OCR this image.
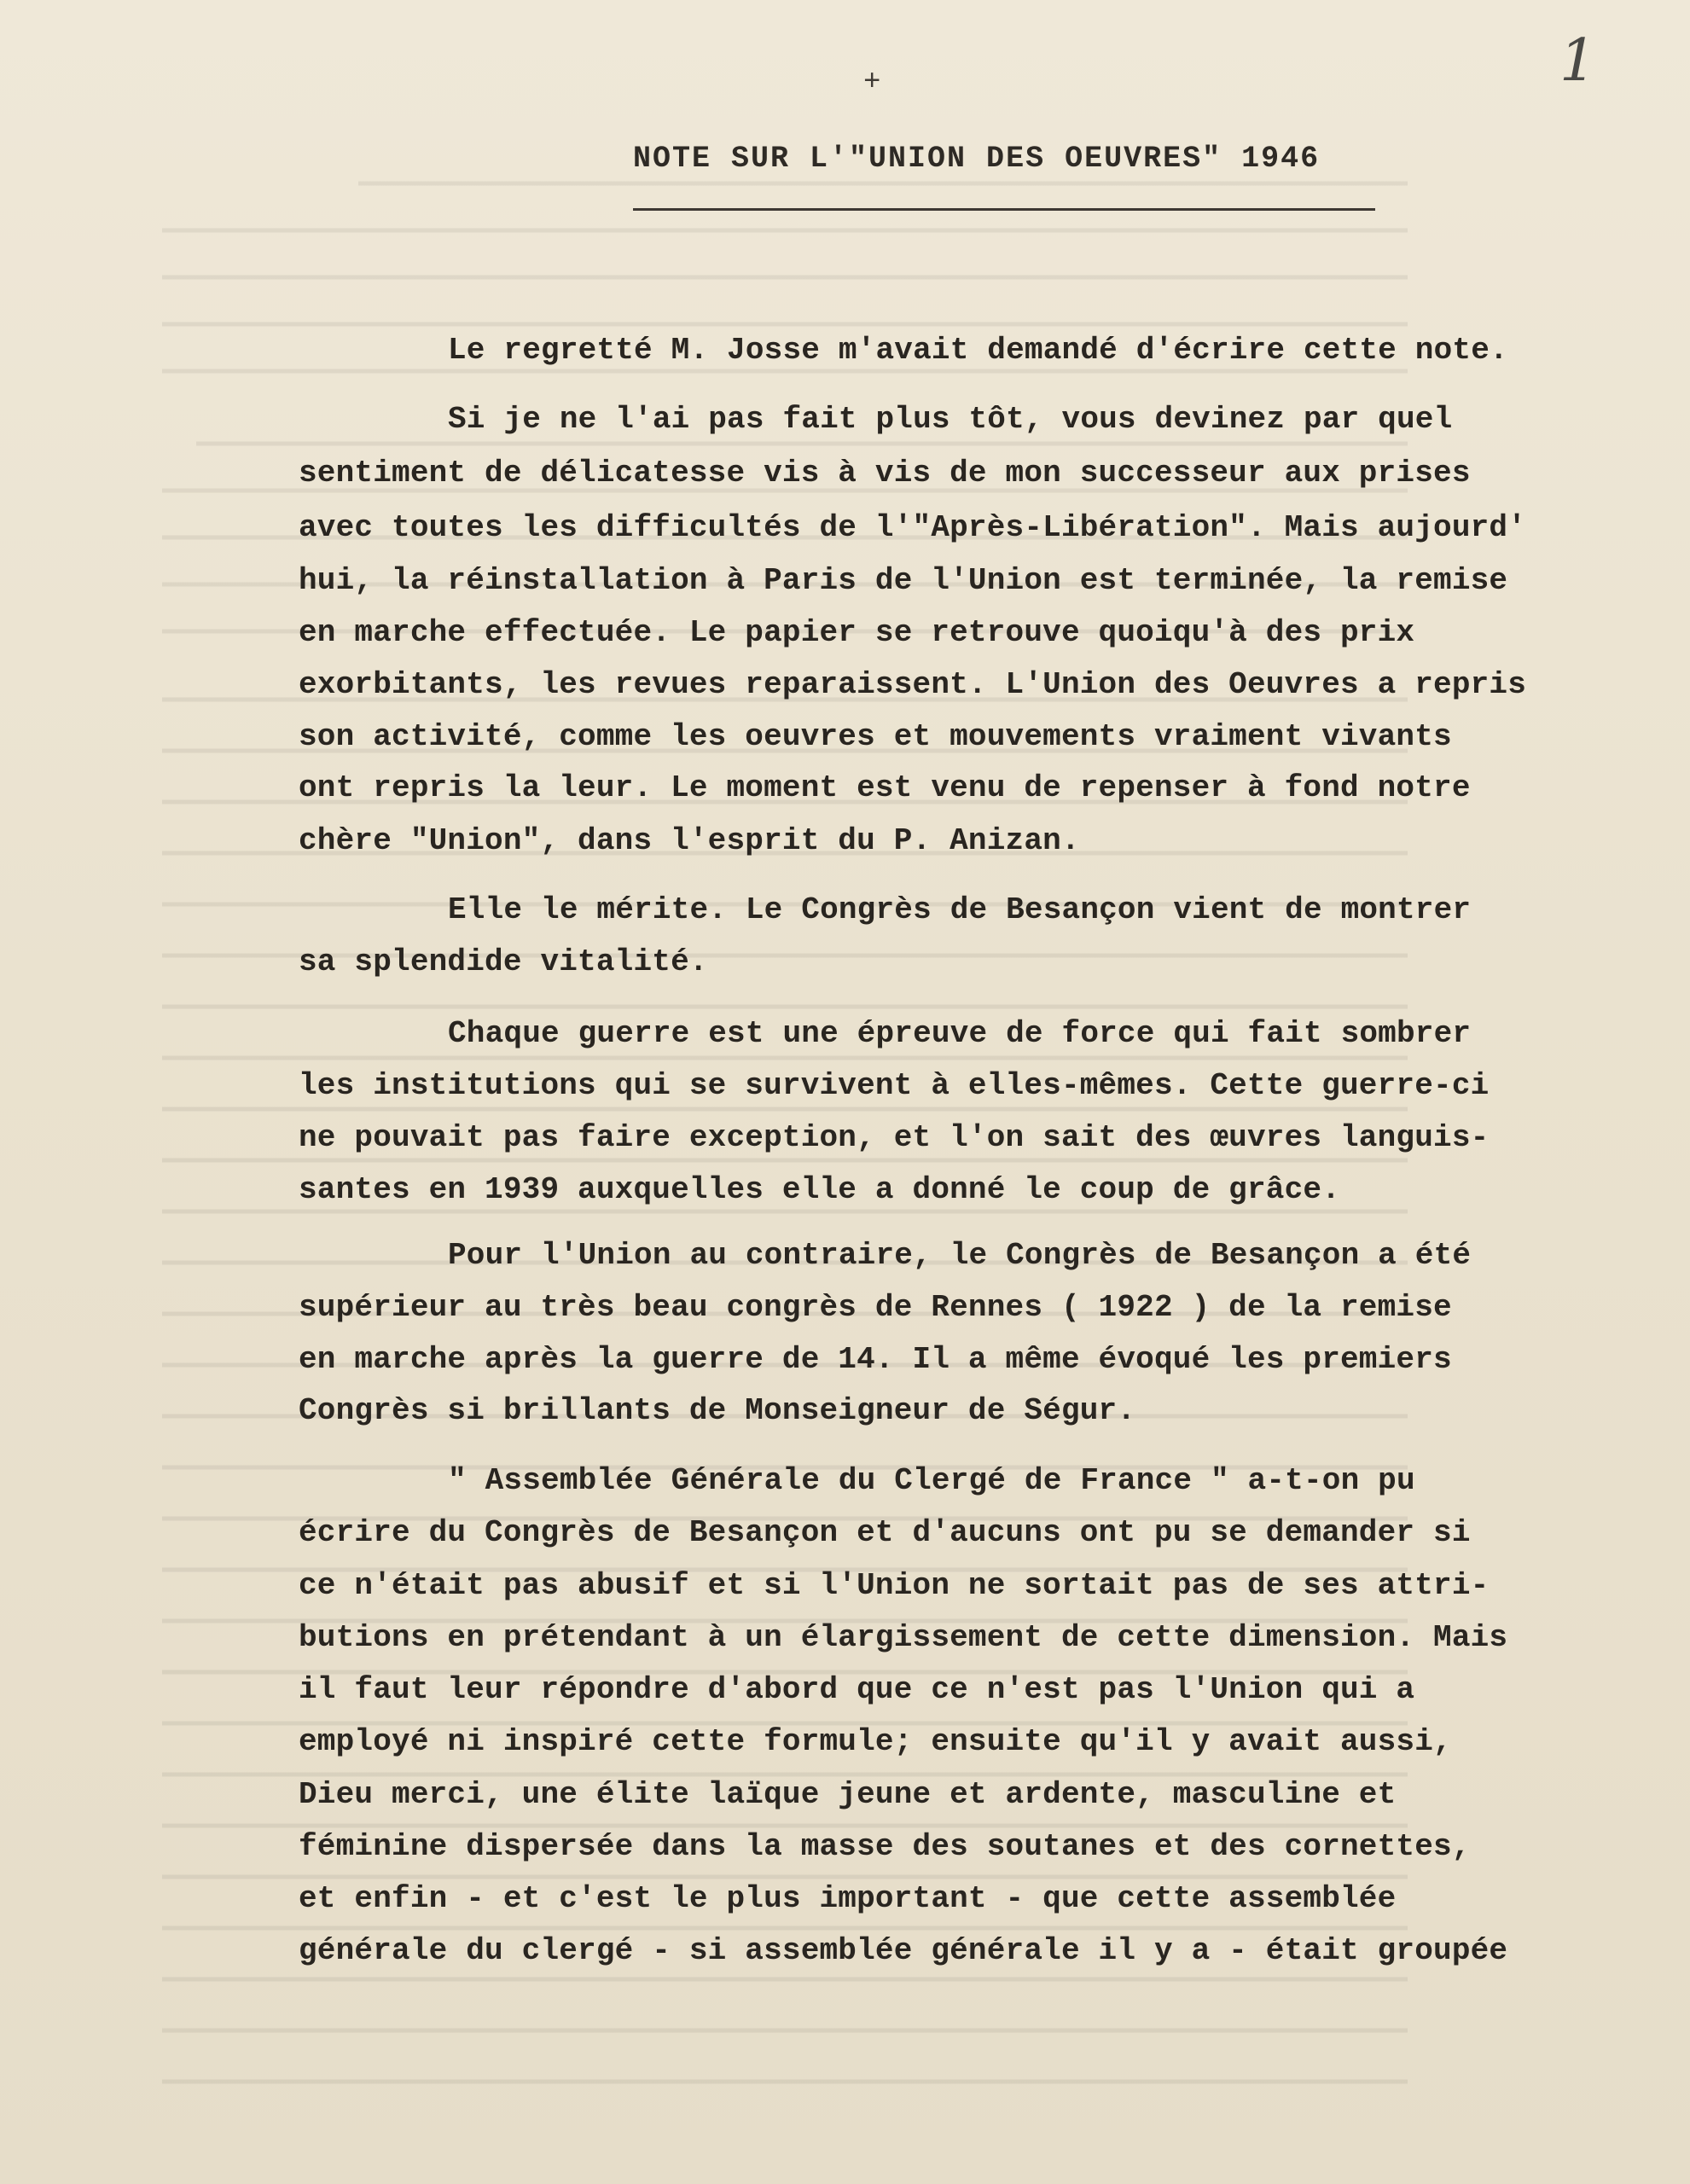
1
+
NOTE SUR L'"UNION DES OEUVRES" 1946
Le regretté M. Josse m'avait demandé d'écrire cette note.
Si je ne l'ai pas fait plus tôt, vous devinez par quel
sentiment de délicatesse vis à vis de mon successeur aux prises
avec toutes les difficultés de l'"Après-Libération". Mais aujourd'
hui, la réinstallation à Paris de l'Union est terminée, la remise
en marche effectuée. Le papier se retrouve quoiqu'à des prix
exorbitants, les revues reparaissent. L'Union des Oeuvres a repris
son activité, comme les oeuvres et mouvements vraiment vivants
ont repris la leur. Le moment est venu de repenser à fond notre
chère "Union", dans l'esprit du P. Anizan.
Elle le mérite. Le Congrès de Besançon vient de montrer
sa splendide vitalité.
Chaque guerre est une épreuve de force qui fait sombrer
les institutions qui se survivent à elles-mêmes. Cette guerre-ci
ne pouvait pas faire exception, et l'on sait des œuvres languis-
santes en 1939 auxquelles elle a donné le coup de grâce.
Pour l'Union au contraire, le Congrès de Besançon a été
supérieur au très beau congrès de Rennes ( 1922 ) de la remise
en marche après la guerre de 14. Il a même évoqué les premiers
Congrès si brillants de Monseigneur de Ségur.
" Assemblée Générale du Clergé de France " a-t-on pu
écrire du Congrès de Besançon et d'aucuns ont pu se demander si
ce n'était pas abusif et si l'Union ne sortait pas de ses attri-
butions en prétendant à un élargissement de cette dimension. Mais
il faut leur répondre d'abord que ce n'est pas l'Union qui a
employé ni inspiré cette formule; ensuite qu'il y avait aussi,
Dieu merci, une élite laïque jeune et ardente, masculine et
féminine dispersée dans la masse des soutanes et des cornettes,
et enfin - et c'est le plus important - que cette assemblée
générale du clergé - si assemblée générale il y a - était groupée
